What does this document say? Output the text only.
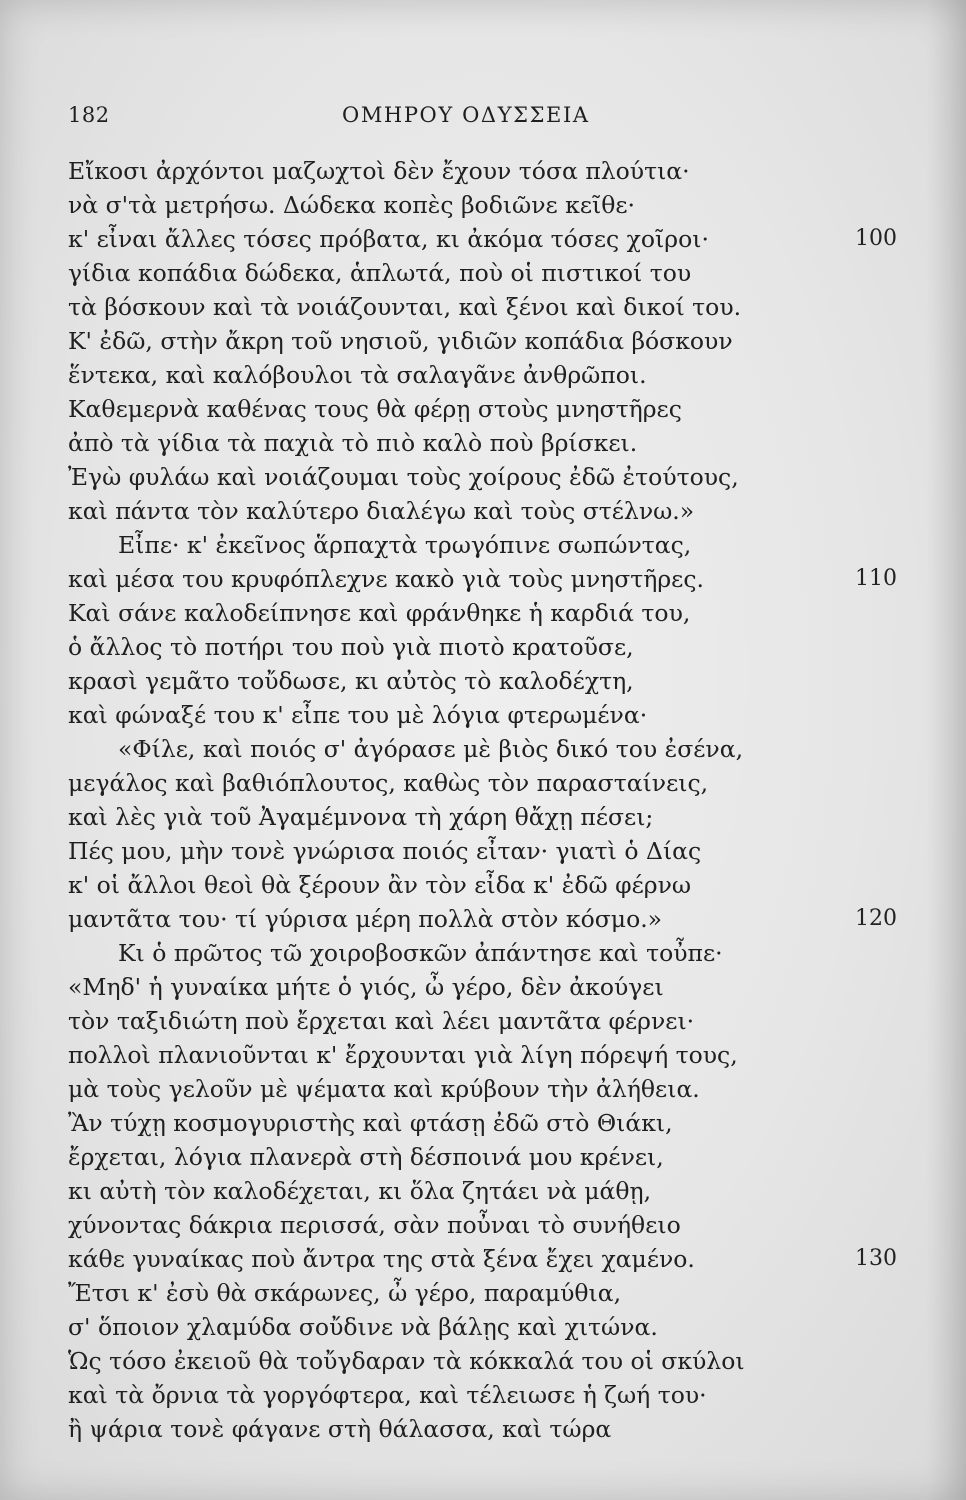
182	ΟΜΗΡΟΥ ΟΔΥΣΣΕΙΑ
Εἴκοσι ἀρχόντοι μαζωχτοὶ δὲν ἔχουν τόσα πλούτια·
νὰ σ'τὰ μετρήσω. Δώδεκα κοπὲς βοδιῶνε κεῖθε·
κ' εἶναι ἄλλες τόσες πρόβατα, κι ἀκόμα τόσες χοῖροι·	100
γίδια κοπάδια δώδεκα, ἁπλωτά, ποὺ οἱ πιστικοί του
τὰ βόσκουν καὶ τὰ νοιάζουνται, καὶ ξένοι καὶ δικοί του.
Κ' ἐδῶ, στὴν ἄκρη τοῦ νησιοῦ, γιδιῶν κοπάδια βόσκουν
ἕντεκα, καὶ καλόβουλοι τὰ σαλαγᾶνε ἀνθρῶποι.
Καθεμερνὰ καθένας τους θὰ φέρῃ στοὺς μνηστῆρες
ἀπὸ τὰ γίδια τὰ παχιὰ τὸ πιὸ καλὸ ποὺ βρίσκει.
Ἐγὼ φυλάω καὶ νοιάζουμαι τοὺς χοίρους ἐδῶ ἐτούτους,
καὶ πάντα τὸν καλύτερο διαλέγω καὶ τοὺς στέλνω.»
Εἶπε· κ' ἐκεῖνος ἅρπαχτὰ τρωγόπινε σωπώντας,
καὶ μέσα του κρυφόπλεχνε κακὸ γιὰ τοὺς μνηστῆρες.	110
Καὶ σάνε καλοδείπνησε καὶ φράνθηκε ἡ καρδιά του,
ὁ ἄλλος τὸ ποτήρι του ποὺ γιὰ πιοτὸ κρατοῦσε,
κρασὶ γεμᾶτο τοὔδωσε, κι αὐτὸς τὸ καλοδέχτη,
καὶ φώναξέ του κ' εἶπε του μὲ λόγια φτερωμένα·
«Φίλε, καὶ ποιός σ' ἀγόρασε μὲ βιὸς δικό του ἐσένα,
μεγάλος καὶ βαθιόπλουτος, καθὼς τὸν παρασταίνεις,
καὶ λὲς γιὰ τοῦ Ἀγαμέμνονα τὴ χάρη θἄχῃ πέσει;
Πές μου, μὴν τονὲ γνώρισα ποιός εἶταν· γιατὶ ὁ Δίας
κ' οἱ ἄλλοι θεοὶ θὰ ξέρουν ἂν τὸν εἶδα κ' ἐδῶ φέρνω
μαντᾶτα του· τί γύρισα μέρη πολλὰ στὸν κόσμο.»	120
Κι ὁ πρῶτος τῶ χοιροβοσκῶν ἀπάντησε καὶ τοὖπε·
«Μηδ' ἡ γυναίκα μήτε ὁ γιός, ὦ γέρο, δὲν ἀκούγει
τὸν ταξιδιώτη ποὺ ἔρχεται καὶ λέει μαντᾶτα φέρνει·
πολλοὶ πλανιοῦνται κ' ἔρχουνται γιὰ λίγη πόρεψή τους,
μὰ τοὺς γελοῦν μὲ ψέματα καὶ κρύβουν τὴν ἀλήθεια.
Ἂν τύχῃ κοσμογυριστὴς καὶ φτάσῃ ἐδῶ στὸ Θιάκι,
ἔρχεται, λόγια πλανερὰ στὴ δέσποινά μου κρένει,
κι αὐτὴ τὸν καλοδέχεται, κι ὅλα ζητάει νὰ μάθῃ,
χύνοντας δάκρια περισσά, σὰν ποὖναι τὸ συνήθειο
κάθε γυναίκας ποὺ ἄντρα της στὰ ξένα ἔχει χαμένο.	130
Ἔτσι κ' ἐσὺ θὰ σκάρωνες, ὦ γέρο, παραμύθια,
σ' ὅποιον χλαμύδα σοὔδινε νὰ βάλῃς καὶ χιτώνα.
Ὡς τόσο ἐκειοῦ θὰ τοὔγδαραν τὰ κόκκαλά του οἱ σκύλοι
καὶ τὰ ὄρνια τὰ γοργόφτερα, καὶ τέλειωσε ἡ ζωή του·
ἢ ψάρια τονὲ φάγανε στὴ θάλασσα, καὶ τώρα
